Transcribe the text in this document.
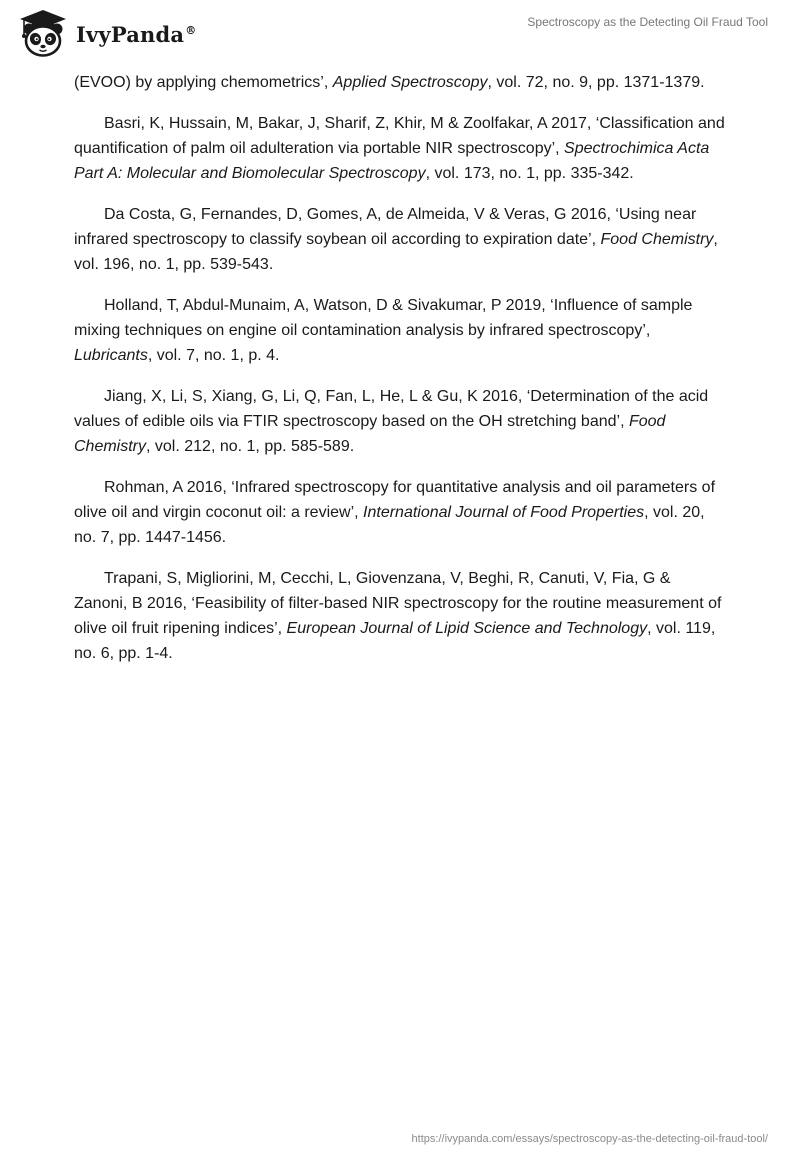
IvyPanda®
Spectroscopy as the Detecting Oil Fraud Tool

(EVOO) by applying chemometrics’, Applied Spectroscopy, vol. 72, no. 9, pp. 1371-1379.

Basri, K, Hussain, M, Bakar, J, Sharif, Z, Khir, M & Zoolfakar, A 2017, ‘Classification and quantification of palm oil adulteration via portable NIR spectroscopy’, Spectrochimica Acta Part A: Molecular and Biomolecular Spectroscopy, vol. 173, no. 1, pp. 335-342.

Da Costa, G, Fernandes, D, Gomes, A, de Almeida, V & Veras, G 2016, ‘Using near infrared spectroscopy to classify soybean oil according to expiration date’, Food Chemistry, vol. 196, no. 1, pp. 539-543.

Holland, T, Abdul-Munaim, A, Watson, D & Sivakumar, P 2019, ‘Influence of sample mixing techniques on engine oil contamination analysis by infrared spectroscopy’, Lubricants, vol. 7, no. 1, p. 4.

Jiang, X, Li, S, Xiang, G, Li, Q, Fan, L, He, L & Gu, K 2016, ‘Determination of the acid values of edible oils via FTIR spectroscopy based on the OH stretching band’, Food Chemistry, vol. 212, no. 1, pp. 585-589.

Rohman, A 2016, ‘Infrared spectroscopy for quantitative analysis and oil parameters of olive oil and virgin coconut oil: a review’, International Journal of Food Properties, vol. 20, no. 7, pp. 1447-1456.

Trapani, S, Migliorini, M, Cecchi, L, Giovenzana, V, Beghi, R, Canuti, V, Fia, G & Zanoni, B 2016, ‘Feasibility of filter-based NIR spectroscopy for the routine measurement of olive oil fruit ripening indices’, European Journal of Lipid Science and Technology, vol. 119, no. 6, pp. 1-4.

https://ivypanda.com/essays/spectroscopy-as-the-detecting-oil-fraud-tool/
